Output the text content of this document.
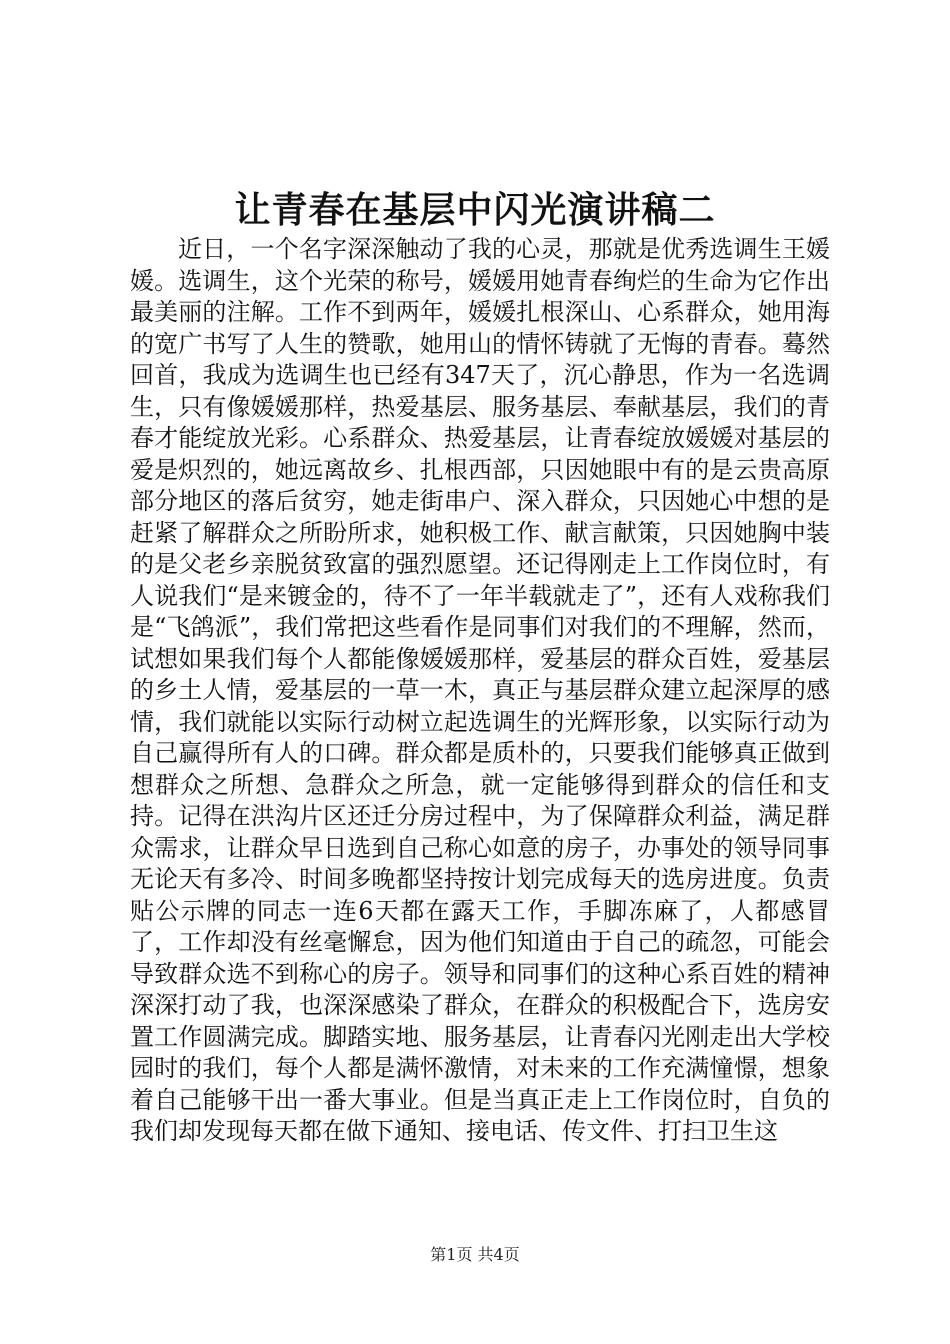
让青春在基层中闪光演讲稿二

近日，一个名字深深触动了我的心灵，那就是优秀选调生王媛媛。选调生，这个光荣的称号，媛媛用她青春绚烂的生命为它作出最美丽的注解。工作不到两年，媛媛扎根深山、心系群众，她用海的宽广书写了人生的赞歌，她用山的情怀铸就了无悔的青春。蓦然回首，我成为选调生也已经有347天了，沉心静思，作为一名选调生，只有像媛媛那样，热爱基层、服务基层、奉献基层，我们的青春才能绽放光彩。心系群众、热爱基层，让青春绽放媛媛对基层的爱是炽烈的，她远离故乡、扎根西部，只因她眼中有的是云贵高原部分地区的落后贫穷，她走街串户、深入群众，只因她心中想的是赶紧了解群众之所盼所求，她积极工作、献言献策，只因她胸中装的是父老乡亲脱贫致富的强烈愿望。还记得刚走上工作岗位时，有人说我们“是来镀金的，待不了一年半载就走了”，还有人戏称我们是“飞鸽派”，我们常把这些看作是同事们对我们的不理解，然而，试想如果我们每个人都能像媛媛那样，爱基层的群众百姓，爱基层的乡土人情，爱基层的一草一木，真正与基层群众建立起深厚的感情，我们就能以实际行动树立起选调生的光辉形象，以实际行动为自己赢得所有人的口碑。群众都是质朴的，只要我们能够真正做到想群众之所想、急群众之所急，就一定能够得到群众的信任和支持。记得在洪沟片区还迁分房过程中，为了保障群众利益，满足群众需求，让群众早日选到自己称心如意的房子，办事处的领导同事无论天有多冷、时间多晚都坚持按计划完成每天的选房进度。负责贴公示牌的同志一连6天都在露天工作，手脚冻麻了，人都感冒了，工作却没有丝毫懈怠，因为他们知道由于自己的疏忽，可能会导致群众选不到称心的房子。领导和同事们的这种心系百姓的精神深深打动了我，也深深感染了群众，在群众的积极配合下，选房安置工作圆满完成。脚踏实地、服务基层，让青春闪光刚走出大学校园时的我们，每个人都是满怀激情，对未来的工作充满憧憬，想象着自己能够干出一番大事业。但是当真正走上工作岗位时，自负的我们却发现每天都在做下通知、接电话、传文件、打扫卫生这

第1页 共4页
